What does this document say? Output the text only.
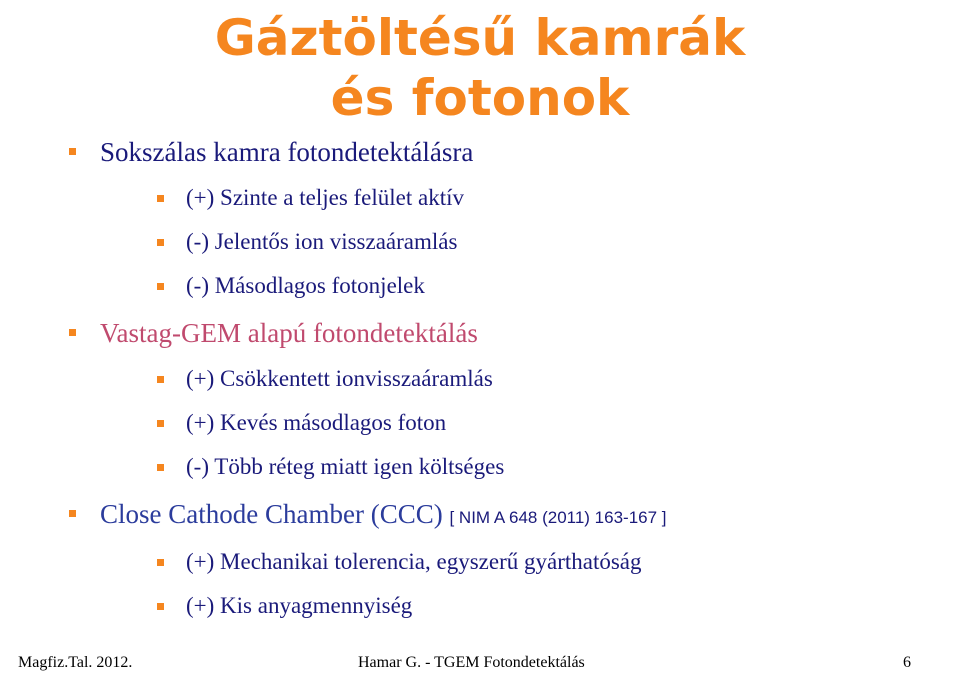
Gáztöltésű kamrák
és fotonok
Sokszálas kamra fotondetektálásra
(+) Szinte a teljes felület aktív
(-) Jelentős ion visszaáramlás
(-) Másodlagos fotonjelek
Vastag-GEM alapú fotondetektálás
(+) Csökkentett ionvisszaáramlás
(+) Kevés másodlagos foton
(-) Több réteg miatt igen költséges
Close Cathode Chamber (CCC) [ NIM A 648 (2011) 163-167 ]
(+) Mechanikai tolerencia, egyszerű gyárthatóság
(+) Kis anyagmennyiség
Magfiz.Tal. 2012.	Hamar G. - TGEM Fotondetektálás	6
